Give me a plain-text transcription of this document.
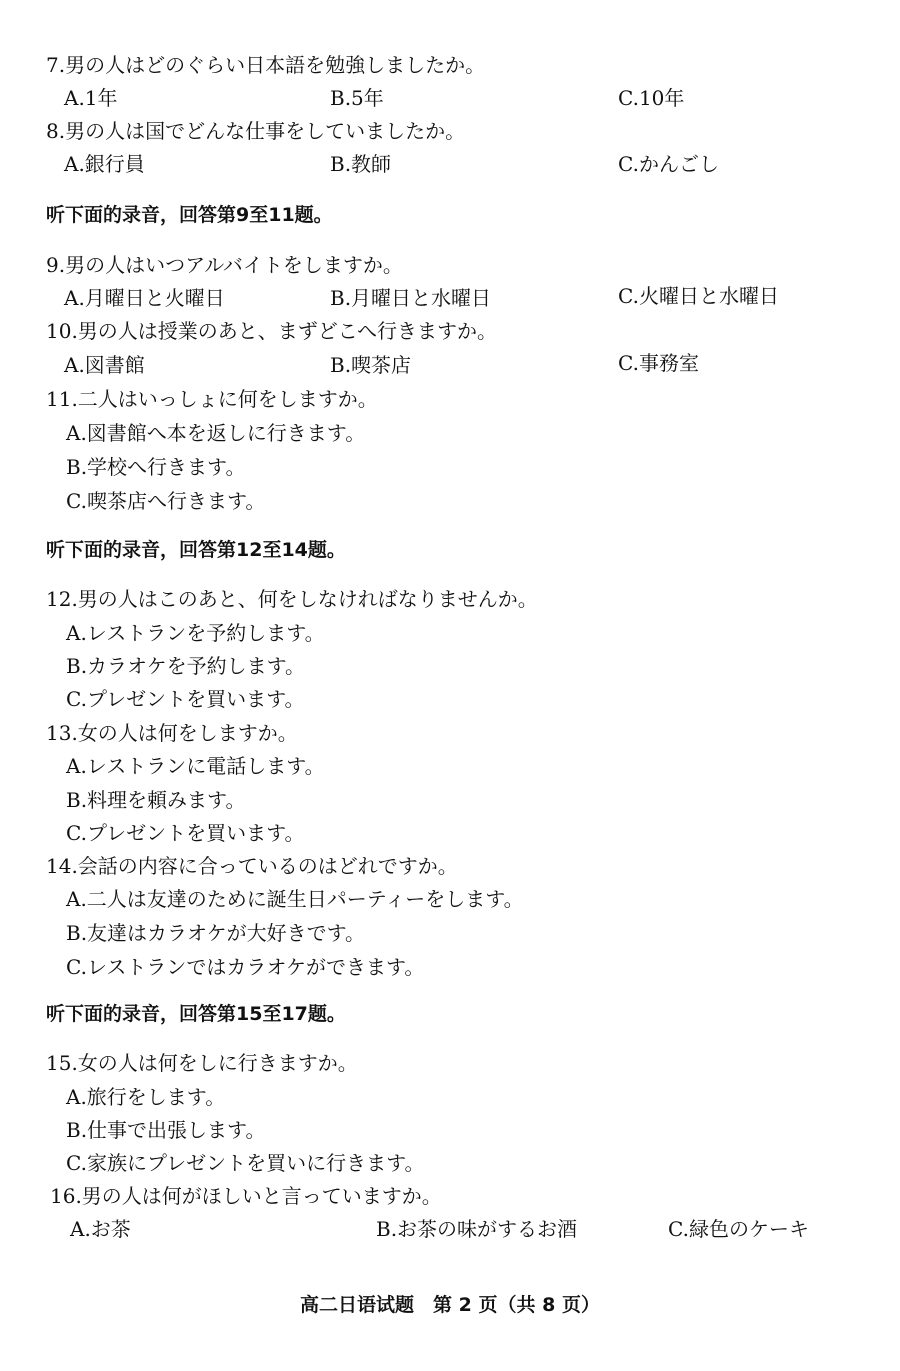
7.男の人はどのぐらい日本語を勉強しましたか。
A.1年	B.5年	C.10年
8.男の人は国でどんな仕事をしていましたか。
A.銀行員	B.教師	C.かんごし
听下面的录音，回答第9至11题。
9.男の人はいつアルバイトをしますか。
A.月曜日と火曜日	B.月曜日と水曜日	C.火曜日と水曜日
10.男の人は授業のあと、まずどこへ行きますか。
A.図書館	B.喫茶店	C.事務室
11.二人はいっしょに何をしますか。
A.図書館へ本を返しに行きます。
B.学校へ行きます。
C.喫茶店へ行きます。
听下面的录音，回答第12至14题。
12.男の人はこのあと、何をしなければなりませんか。
A.レストランを予約します。
B.カラオケを予約します。
C.プレゼントを買います。
13.女の人は何をしますか。
A.レストランに電話します。
B.料理を頼みます。
C.プレゼントを買います。
14.会話の内容に合っているのはどれですか。
A.二人は友達のために誕生日パーティーをします。
B.友達はカラオケが大好きです。
C.レストランではカラオケができます。
听下面的录音，回答第15至17题。
15.女の人は何をしに行きますか。
A.旅行をします。
B.仕事で出張します。
C.家族にプレゼントを買いに行きます。
16.男の人は何がほしいと言っていますか。
A.お茶	B.お茶の味がするお酒	C.緑色のケーキ
高二日语试题　第 2 页（共 8 页）
